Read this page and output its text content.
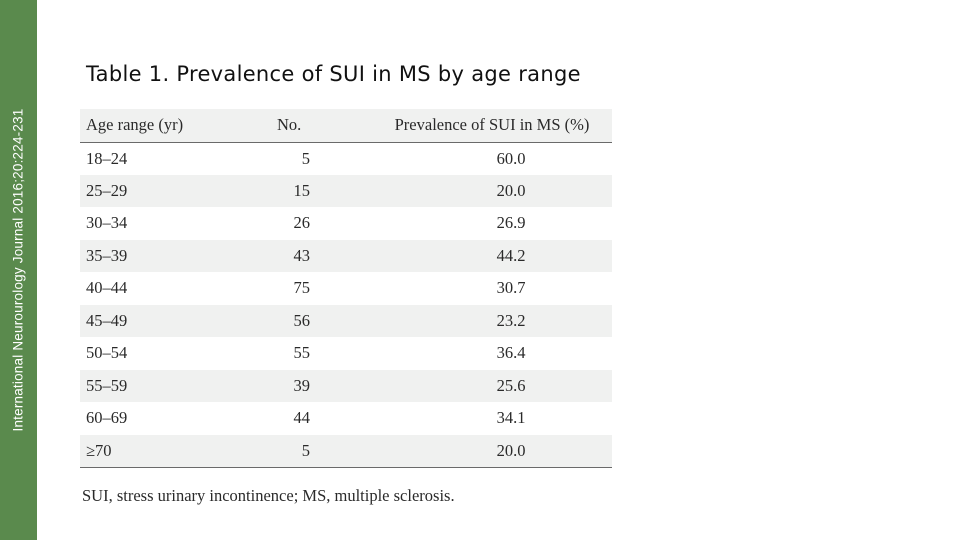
International Neurourology Journal 2016;20:224-231
Table 1. Prevalence of SUI in MS by age range
Age range (yr)	No.	Prevalence of SUI in MS (%)
18–24	5	60.0
25–29	15	20.0
30–34	26	26.9
35–39	43	44.2
40–44	75	30.7
45–49	56	23.2
50–54	55	36.4
55–59	39	25.6
60–69	44	34.1
≥70	5	20.0
SUI, stress urinary incontinence; MS, multiple sclerosis.
